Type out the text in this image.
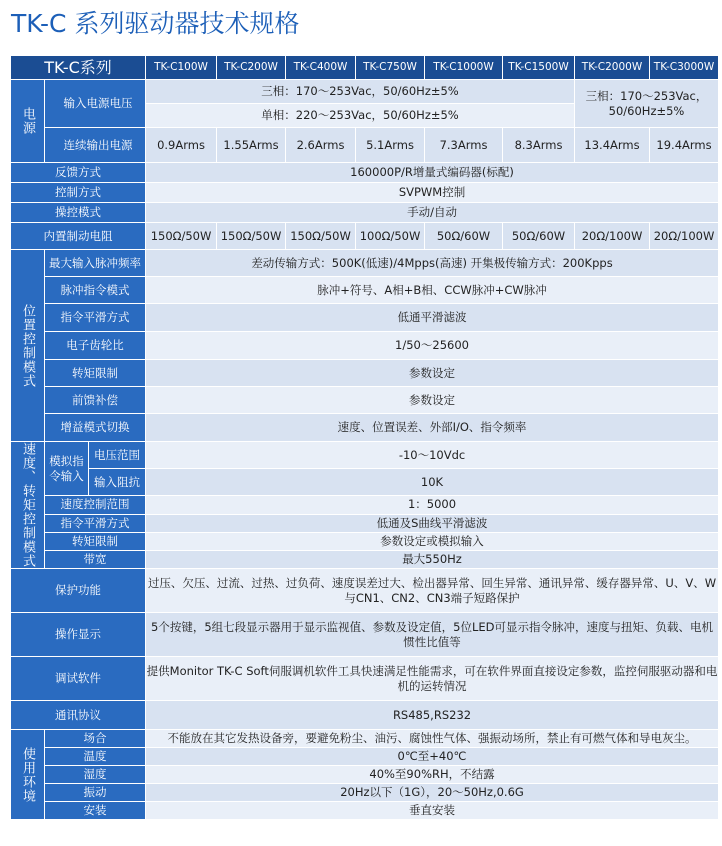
TK-C 系列驱动器技术规格
TK-C系列			TK-C100W	TK-C200W	TK-C400W	TK-C750W	TK-C1000W	TK-C1500W	TK-C2000W	TK-C3000W
电源	输入电源电压		三相：170～253Vac，50/60Hz±5%						三相：170～253Vac，50/60Hz±5%	
			单相：220～253Vac，50/60Hz±5%							
	连续输出电源		0.9Arms	1.55Arms	2.6Arms	5.1Arms	7.3Arms	8.3Arms	13.4Arms	19.4Arms
反馈方式			160000P/R增量式编码器(标配)							
控制方式			SVPWM控制							
操控模式			手动/自动							
内置制动电阻			150Ω/50W	150Ω/50W	150Ω/50W	100Ω/50W	50Ω/60W	50Ω/60W	20Ω/100W	20Ω/100W
位置控制模式	最大输入脉冲频率		差动传输方式：500K(低速)/4Mpps(高速) 开集极传输方式：200Kpps							
	脉冲指令模式		脉冲+符号、A相+B相、CCW脉冲+CW脉冲							
	指令平滑方式		低通平滑滤波							
	电子齿轮比		1/50～25600							
	转矩限制		参数设定							
	前馈补偿		参数设定							
	增益模式切换		速度、位置误差、外部I/O、指令频率							
速度、转矩控制模式	模拟指令输入	电压范围	-10～10Vdc							
		输入阻抗	10K							
	速度控制范围		1：5000							
	指令平滑方式		低通及S曲线平滑滤波							
	转矩限制		参数设定或模拟输入							
	带宽		最大550Hz							
保护功能			过压、欠压、过流、过热、过负荷、速度误差过大、检出器异常、回生异常、通讯异常、缓存器异常、U、V、W与CN1、CN2、CN3端子短路保护							
操作显示			5个按键，5组七段显示器用于显示监视值、参数及设定值，5位LED可显示指令脉冲，速度与扭矩、负载、电机惯性比值等							
调试软件			提供Monitor TK-C Soft伺服调机软件工具快速满足性能需求，可在软件界面直接设定参数，监控伺服驱动器和电机的运转情况							
通讯协议			RS485,RS232							
使用环境	场合		不能放在其它发热设备旁，要避免粉尘、油污、腐蚀性气体、强振动场所，禁止有可燃气体和导电灰尘。							
	温度		0℃至+40℃							
	湿度		40%至90%RH，不结露							
	振动		20Hz以下（1G），20～50Hz,0.6G							
	安装		垂直安装							
